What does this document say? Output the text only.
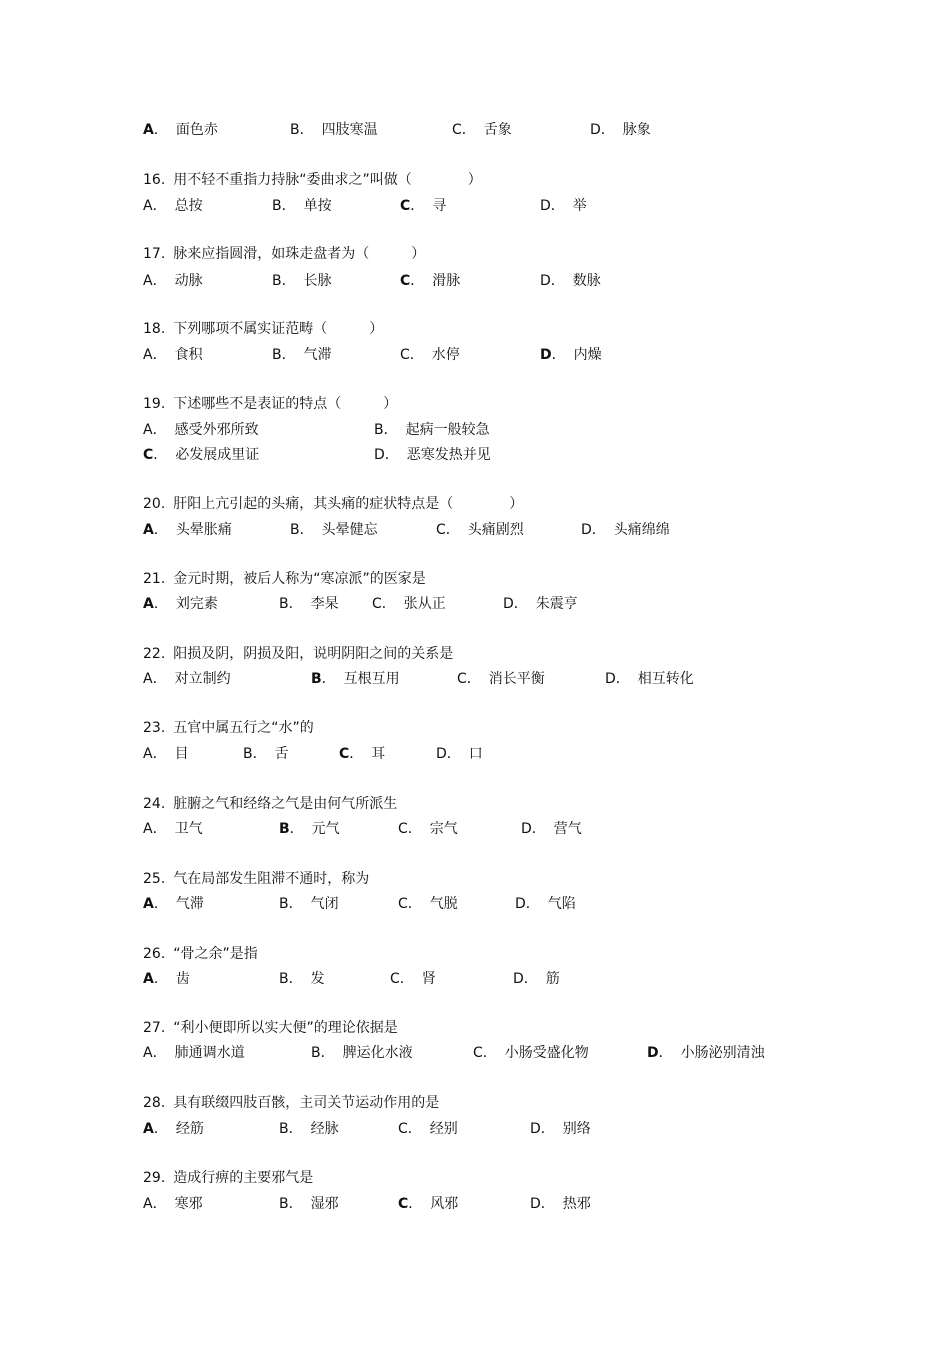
A． 面色赤	B． 四肢寒温	C． 舌象	D． 脉象
16. 用不轻不重指力持脉“委曲求之”叫做（　　　　）
A． 总按	B． 单按	C． 寻	D． 举
17. 脉来应指圆滑，如珠走盘者为（　　　）
A． 动脉	B． 长脉	C． 滑脉	D． 数脉
18. 下列哪项不属实证范畴（　　　）
A． 食积	B． 气滞	C． 水停	D． 内燥
19. 下述哪些不是表证的特点（　　　）
A． 感受外邪所致	B． 起病一般较急
C． 必发展成里证	D． 恶寒发热并见
20. 肝阳上亢引起的头痛，其头痛的症状特点是（　　　　）
A． 头晕胀痛	B． 头晕健忘	C． 头痛剧烈	D． 头痛绵绵
21. 金元时期，被后人称为“寒凉派”的医家是
A． 刘完素	B． 李杲 C． 张从正	D． 朱震亨
22. 阳损及阴，阴损及阳，说明阴阳之间的关系是
A． 对立制约	B． 互根互用	C． 消长平衡	D． 相互转化
23. 五官中属五行之“水”的
A． 目	B． 舌	C． 耳	D． 口
24. 脏腑之气和经络之气是由何气所派生
A． 卫气	B． 元气	C． 宗气	D． 营气
25. 气在局部发生阻滞不通时，称为
A． 气滞	B． 气闭	C． 气脱	D． 气陷
26. “骨之余”是指
A． 齿	B． 发	C． 肾	D． 筋
27. “利小便即所以实大便”的理论依据是
A． 肺通调水道	B． 脾运化水液	C． 小肠受盛化物	D． 小肠泌别清浊
28. 具有联缀四肢百骸，主司关节运动作用的是
A． 经筋	B． 经脉	C． 经别	D． 别络
29. 造成行痹的主要邪气是
A． 寒邪	B． 湿邪	C． 风邪	D． 热邪
